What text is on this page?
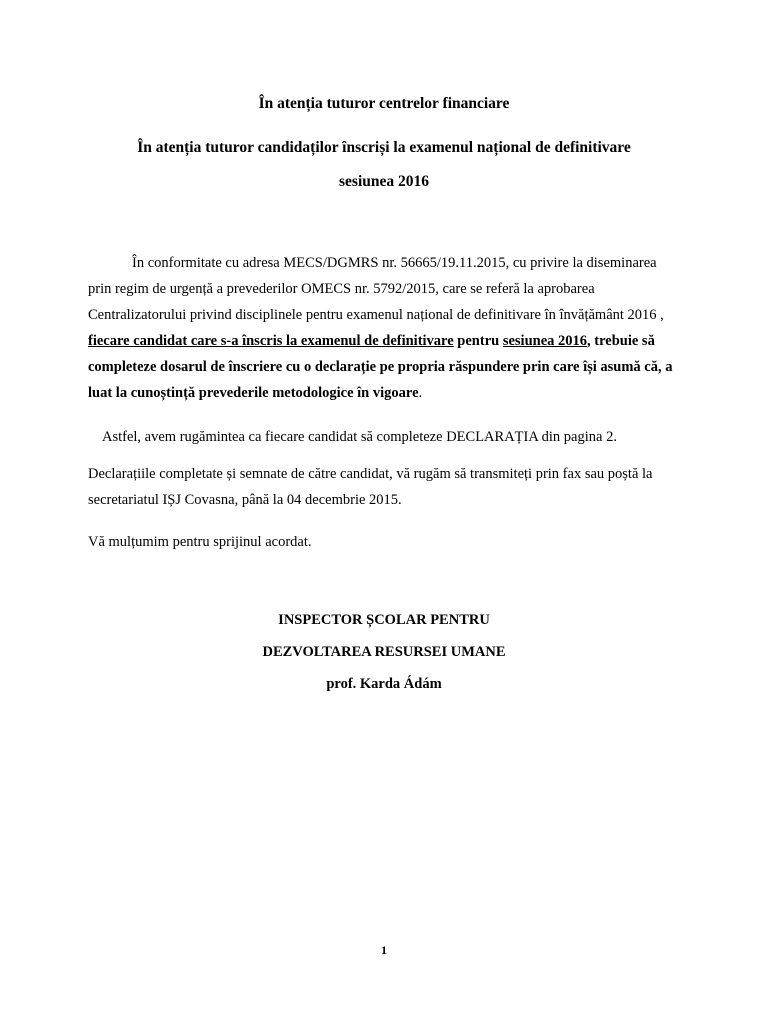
În atenția tuturor centrelor financiare

În atenția tuturor candidaților înscriși la examenul național de definitivare

sesiunea 2016

În conformitate cu adresa MECS/DGMRS nr. 56665/19.11.2015, cu privire la diseminarea prin regim de urgență a prevederilor OMECS nr. 5792/2015, care se referă la aprobarea Centralizatorului privind disciplinele pentru examenul național de definitivare în învățământ 2016 , fiecare candidat care s-a înscris la examenul de definitivare pentru sesiunea 2016, trebuie să completeze dosarul de înscriere cu o declarație pe propria răspundere prin care își asumă că, a luat la cunoștință prevederile metodologice în vigoare.

Astfel, avem rugămintea ca fiecare candidat să completeze DECLARAȚIA din pagina 2.

Declarațiile completate și semnate de către candidat, vă rugăm să transmiteți prin fax sau poștă la secretariatul IȘJ Covasna, până la 04 decembrie 2015.

Vă mulțumim pentru sprijinul acordat.

INSPECTOR ȘCOLAR PENTRU

DEZVOLTAREA RESURSEI UMANE

prof. Karda Ádám

1
